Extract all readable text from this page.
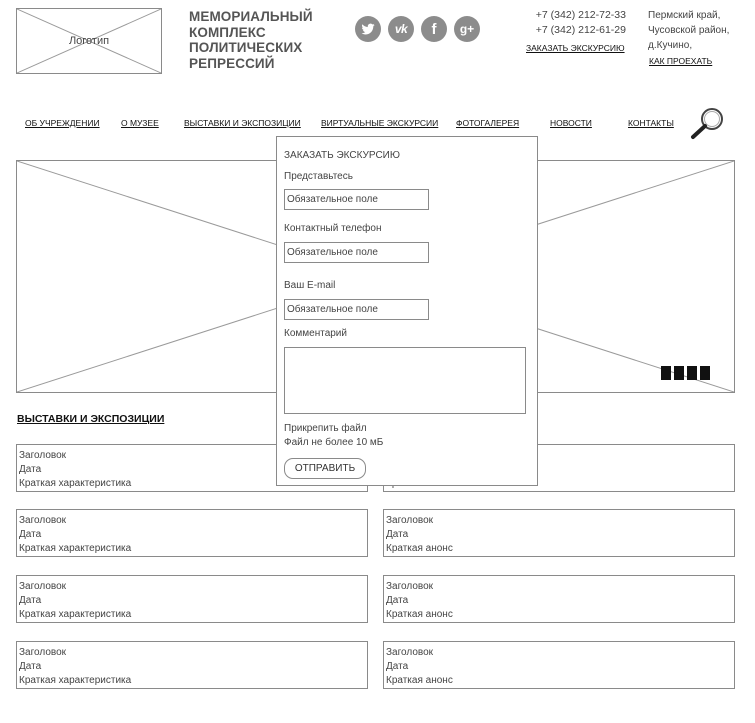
Логотип
МЕМОРИАЛЬНЫЙ
КОМПЛЕКС
ПОЛИТИЧЕСКИХ
РЕПРЕССИЙ
vk	f	g+
+7 (342) 212-72-33
+7 (342) 212-61-29
ЗАКАЗАТЬ ЭКСКУРСИЮ
Пермский край,
Чусовской район,
д.Кучино,
КАК ПРОЕХАТЬ
ОБ УЧРЕЖДЕНИИ	О МУЗЕЕ	ВЫСТАВКИ И ЭКСПОЗИЦИИ ВИРТУАЛЬНЫЕ ЭКСКУРСИИ ФОТОГАЛЕРЕЯ	НОВОСТИ	КОНТАКТЫ
ВЫСТАВКИ И ЭКСПОЗИЦИИ
Заголовок
Дата
Краткая характеристика
Заголовок
Дата
Краткая характеристика
Заголовок
Дата
Краткая характеристика
Заголовок
Дата
Краткая характеристика
Заголовок
Дата
Краткая анонс
Заголовок
Дата
Краткая анонс
Заголовок
Дата
Краткая анонс
ЗАКАЗАТЬ ЭКСКУРСИЮ
Представьтесь
Обязательное поле
Контактный телефон
Обязательное поле
Ваш E-mail
Обязательное поле
Комментарий
Прикрепить файл
Файл не более 10 мБ
ОТПРАВИТЬ
